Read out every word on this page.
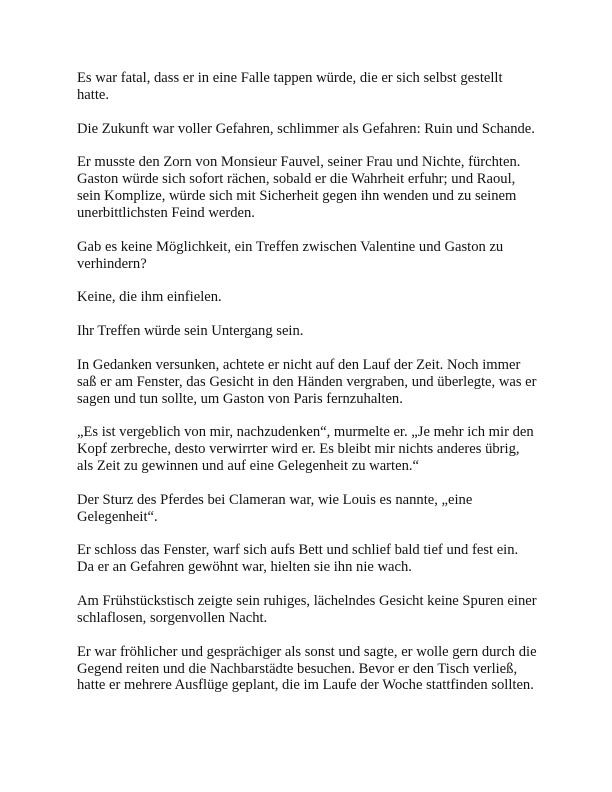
Es war fatal, dass er in eine Falle tappen würde, die er sich selbst gestellt hatte.

Die Zukunft war voller Gefahren, schlimmer als Gefahren: Ruin und Schande.

Er musste den Zorn von Monsieur Fauvel, seiner Frau und Nichte, fürchten. Gaston würde sich sofort rächen, sobald er die Wahrheit erfuhr; und Raoul, sein Komplize, würde sich mit Sicherheit gegen ihn wenden und zu seinem unerbittlichsten Feind werden.

Gab es keine Möglichkeit, ein Treffen zwischen Valentine und Gaston zu verhindern?

Keine, die ihm einfielen.

Ihr Treffen würde sein Untergang sein.

In Gedanken versunken, achtete er nicht auf den Lauf der Zeit. Noch immer saß er am Fenster, das Gesicht in den Händen vergraben, und überlegte, was er sagen und tun sollte, um Gaston von Paris fernzuhalten.

„Es ist vergeblich von mir, nachzudenken“, murmelte er. „Je mehr ich mir den Kopf zerbreche, desto verwirrter wird er. Es bleibt mir nichts anderes übrig, als Zeit zu gewinnen und auf eine Gelegenheit zu warten.“

Der Sturz des Pferdes bei Clameran war, wie Louis es nannte, „eine Gelegenheit“.

Er schloss das Fenster, warf sich aufs Bett und schlief bald tief und fest ein. Da er an Gefahren gewöhnt war, hielten sie ihn nie wach.

Am Frühstückstisch zeigte sein ruhiges, lächelndes Gesicht keine Spuren einer schlaflosen, sorgenvollen Nacht.

Er war fröhlicher und gesprächiger als sonst und sagte, er wolle gern durch die Gegend reiten und die Nachbarstädte besuchen. Bevor er den Tisch verließ, hatte er mehrere Ausflüge geplant, die im Laufe der Woche stattfinden sollten.
